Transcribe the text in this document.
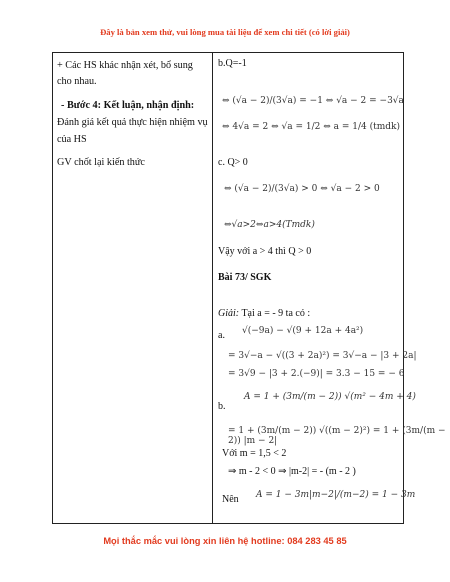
Đây là bản xem thử, vui lòng mua tài liệu để xem chi tiết (có lời giải)

+ Các HS khác nhận xét, bổ sung
cho nhau.
- Bước 4: Kết luận, nhận định:
Đánh giá kết quả thực hiện nhiệm vụ
của HS
GV chốt lại kiến thức
b.Q=-1
⇔ (√a − 2)/(3√a) = −1 ⇔ √a − 2 = −3√a
⇔ 4√a = 2 ⇔ √a = 1/2 ⇔ a = 1/4 (tmdk)
c. Q> 0
⇔ (√a − 2)/(3√a) > 0 ⇔ √a − 2 > 0
⇔√a>2⇔a>4(Tmdk)
Vậy với a > 4 thì Q > 0
Bài 73/ SGK
Giải: Tại a = - 9 ta có :
a. √(−9a) − √(9 + 12a + 4a²)
= 3√−a − √((3 + 2a)²) = 3√−a − |3 + 2a|
= 3√9 − |3 + 2.(−9)| = 3.3 − 15 = − 6
b.
A = 1 + (3m/(m − 2)) √(m² − 4m + 4)
= 1 + (3m/(m − 2)) √((m − 2)²) = 1 + (3m/(m − 2)) |m − 2|
Với m = 1,5 < 2
⇒ m - 2 < 0 ⇒ |m-2| = - (m - 2 )
Nên A = 1 − 3m|m−2|/(m−2) = 1 − 3m
Mọi thắc mắc vui lòng xin liên hệ hotline: 084 283 45 85
